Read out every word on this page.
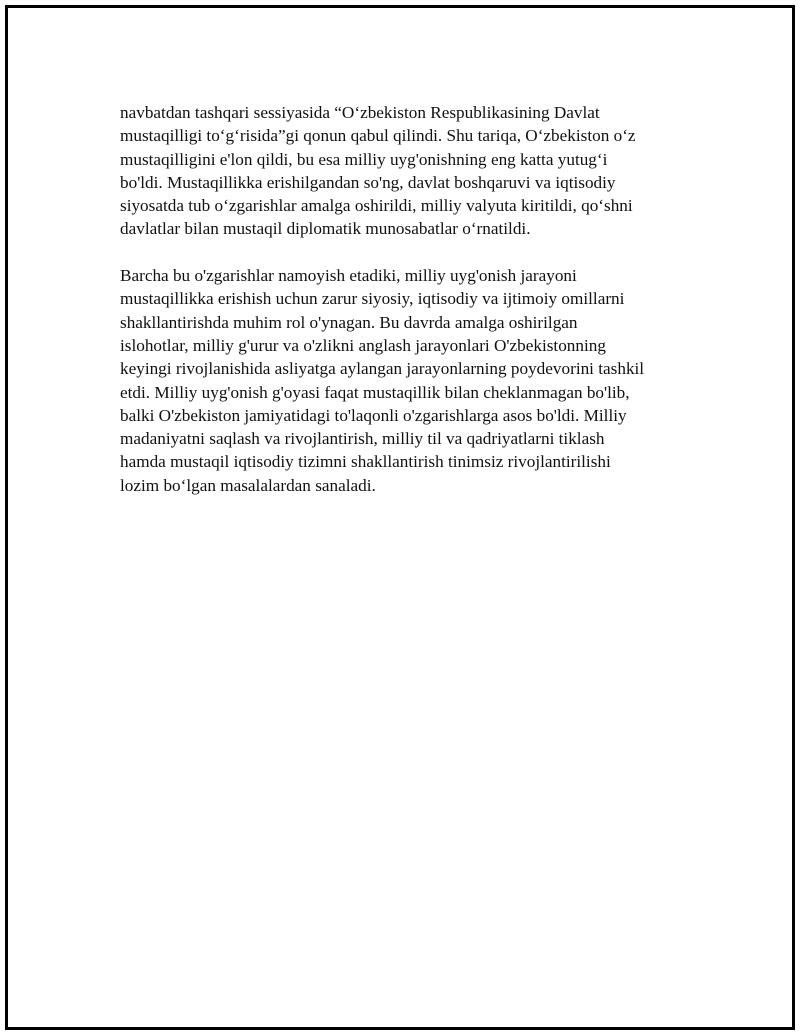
navbatdan tashqari sessiyasida “O‘zbekiston Respublikasining Davlat
mustaqilligi to‘g‘risida”gi qonun qabul qilindi. Shu tariqa, O‘zbekiston o‘z
mustaqilligini e'lon qildi, bu esa milliy uyg'onishning eng katta yutug‘i
bo'ldi. Mustaqillikka erishilgandan so'ng, davlat boshqaruvi va iqtisodiy
siyosatda tub o‘zgarishlar amalga oshirildi, milliy valyuta kiritildi, qo‘shni
davlatlar bilan mustaqil diplomatik munosabatlar o‘rnatildi.

Barcha bu o'zgarishlar namoyish etadiki, milliy uyg'onish jarayoni
mustaqillikka erishish uchun zarur siyosiy, iqtisodiy va ijtimoiy omillarni
shakllantirishda muhim rol o'ynagan. Bu davrda amalga oshirilgan
islohotlar, milliy g'urur va o'zlikni anglash jarayonlari O'zbekistonning
keyingi rivojlanishida asliyatga aylangan jarayonlarning poydevorini tashkil
etdi. Milliy uyg'onish g'oyasi faqat mustaqillik bilan cheklanmagan bo'lib,
balki O'zbekiston jamiyatidagi to'laqonli o'zgarishlarga asos bo'ldi. Milliy
madaniyatni saqlash va rivojlantirish, milliy til va qadriyatlarni tiklash
hamda mustaqil iqtisodiy tizimni shakllantirish tinimsiz rivojlantirilishi
lozim bo‘lgan masalalardan sanaladi.
